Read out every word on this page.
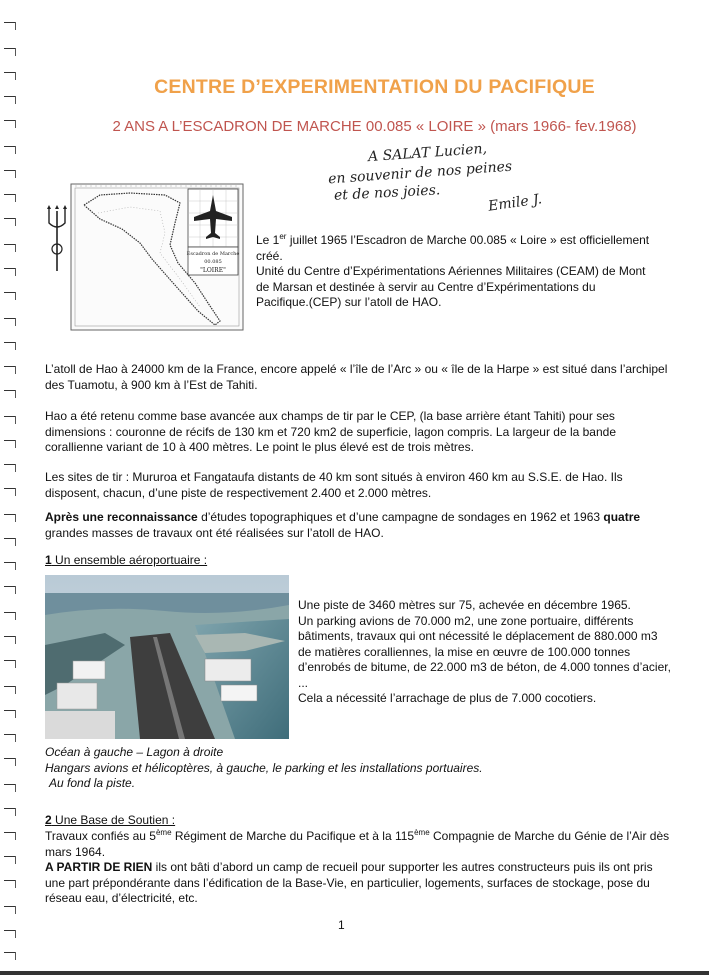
CENTRE D’EXPERIMENTATION DU PACIFIQUE
2 ANS A L’ESCADRON DE MARCHE 00.085 « LOIRE » (mars 1966- fev.1968)
A SALAT Lucien,
en souvenir de nos peines
et de nos joies.	Emile J.
Escadron de Marche
00.085
"LOIRE"

Le 1er juillet 1965 l’Escadron de Marche 00.085 « Loire » est officiellement créé.

Unité du Centre d’Expérimentations Aériennes Militaires (CEAM) de Mont de Marsan et destinée à servir au Centre d’Expérimentations du Pacifique.(CEP) sur l’atoll de HAO.

L’atoll de Hao à 24000 km de la France, encore appelé « l’île de l’Arc » ou « île de la Harpe » est situé dans l’archipel des Tuamotu, à 900 km à l’Est de Tahiti.

Hao a été retenu comme base avancée aux champs de tir par le CEP, (la base arrière étant Tahiti) pour ses dimensions : couronne de récifs de 130 km et 720 km2 de superficie, lagon compris. La largeur de la bande corallienne variant de 10 à 400 mètres. Le point le plus élevé est de trois mètres.

Les sites de tir : Mururoa et Fangataufa distants de 40 km sont situés à environ 460 km au S.S.E. de Hao. Ils disposent, chacun, d’une piste de respectivement 2.400 et 2.000 mètres.

Après une reconnaissance d’études topographiques et d’une campagne de sondages en 1962 et 1963 quatre grandes masses de travaux ont été réalisées sur l’atoll de HAO.

1 Un ensemble aéroportuaire :

Une piste de 3460 mètres sur 75, achevée en décembre 1965.

Un parking avions de 70.000 m2, une zone portuaire, différents bâtiments, travaux qui ont nécessité le déplacement de 880.000 m3 de matières coralliennes, la mise en œuvre de 100.000 tonnes d’enrobés de bitume, de 22.000 m3 de béton, de 4.000 tonnes d’acier, ...

Cela a nécessité l’arrachage de plus de 7.000 cocotiers.

Océan à gauche – Lagon à droite

Hangars avions et hélicoptères, à gauche, le parking et les installations portuaires.

Au fond la piste.

2 Une Base de Soutien :

Travaux confiés au 5ème Régiment de Marche du Pacifique et à la 115ème Compagnie de Marche du Génie de l’Air dès mars 1964.

A PARTIR DE RIEN ils ont bâti d’abord un camp de recueil pour supporter les autres constructeurs puis ils ont pris une part prépondérante dans l’édification de la Base-Vie, en particulier, logements, surfaces de stockage, pose du réseau eau, d’électricité, etc.

1
